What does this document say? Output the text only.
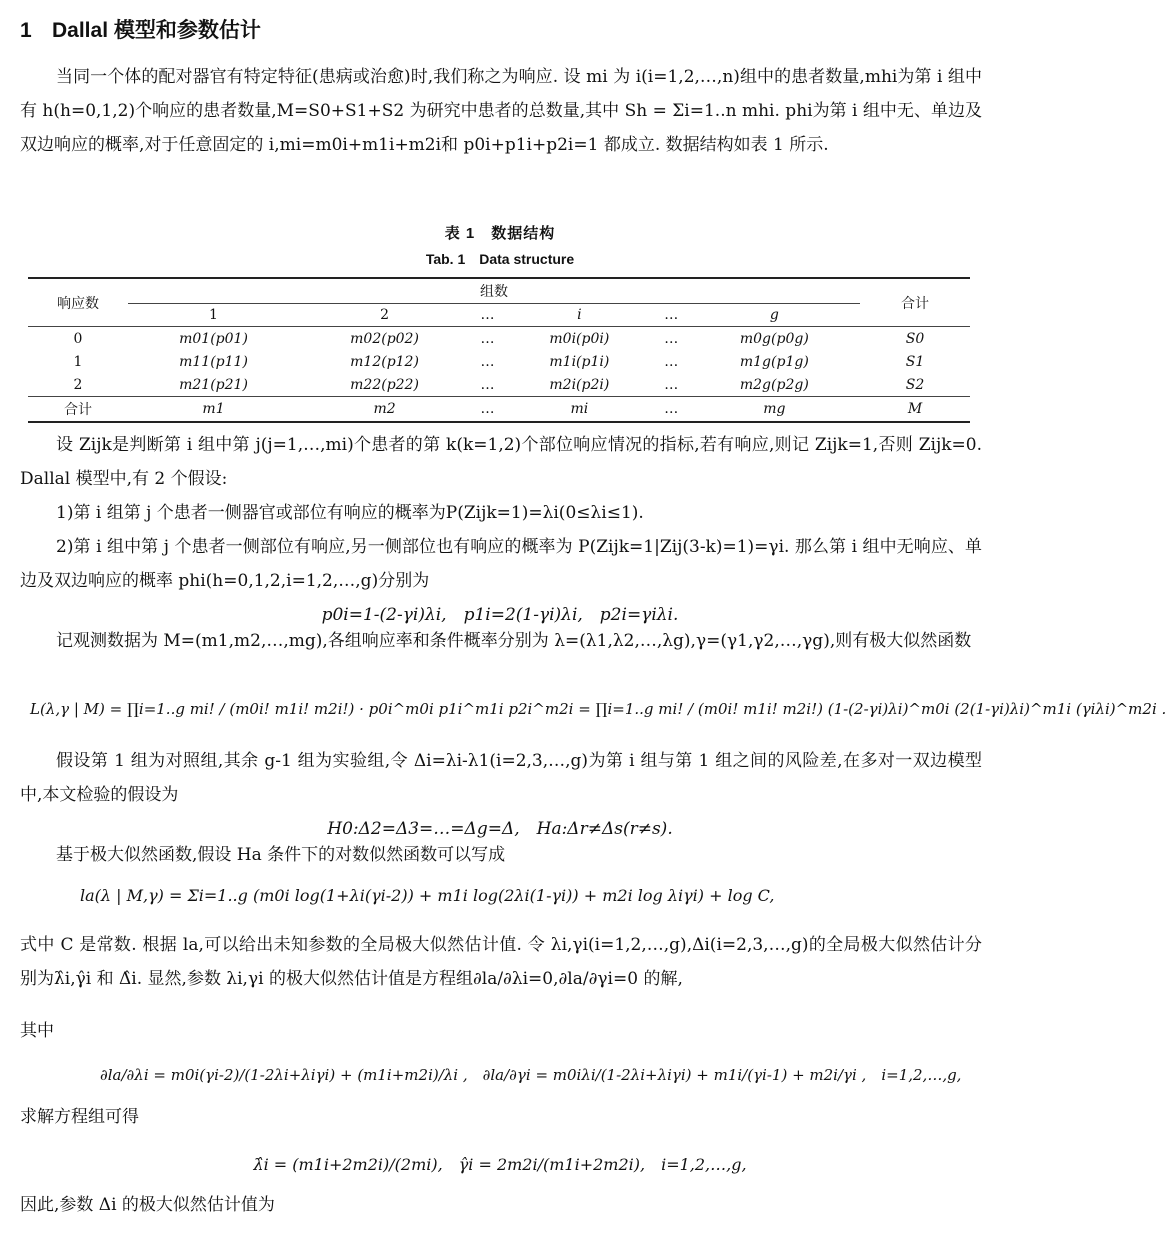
1 Dallal 模型和参数估计

当同一个体的配对器官有特定特征(患病或治愈)时,我们称之为响应. 设 mi 为 i(i=1,2,…,n)组中的患者数量,mhi为第 i 组中有 h(h=0,1,2)个响应的患者数量,M=S0+S1+S2 为研究中患者的总数量,其中 Sh = Σi=1..n mhi. phi为第 i 组中无、单边及双边响应的概率,对于任意固定的 i,mi=m0i+m1i+m2i和 p0i+p1i+p2i=1 都成立. 数据结构如表 1 所示.

表 1　数据结构
Tab. 1　Data structure
响应数	组数						合计
	1	2	…	i	…	g	
0	m01(p01)	m02(p02)	…	m0i(p0i)	…	m0g(p0g)	S0
1	m11(p11)	m12(p12)	…	m1i(p1i)	…	m1g(p1g)	S1
2	m21(p21)	m22(p22)	…	m2i(p2i)	…	m2g(p2g)	S2
合计	m1	m2	…	mi	…	mg	M

设 Zijk是判断第 i 组中第 j(j=1,…,mi)个患者的第 k(k=1,2)个部位响应情况的指标,若有响应,则记 Zijk=1,否则 Zijk=0. Dallal 模型中,有 2 个假设:

1)第 i 组第 j 个患者一侧器官或部位有响应的概率为P(Zijk=1)=λi(0≤λi≤1).

2)第 i 组中第 j 个患者一侧部位有响应,另一侧部位也有响应的概率为 P(Zijk=1|Zij(3-k)=1)=γi. 那么第 i 组中无响应、单边及双边响应的概率 phi(h=0,1,2,i=1,2,…,g)分别为

p0i=1-(2-γi)λi,　p1i=2(1-γi)λi,　p2i=γiλi.

记观测数据为 M=(m1,m2,…,mg),各组响应率和条件概率分别为 λ=(λ1,λ2,…,λg),γ=(γ1,γ2,…,γg),则有极大似然函数

L(λ,γ | M) = ∏i=1..g mi! / (m0i! m1i! m2i!) · p0i^m0i p1i^m1i p2i^m2i = ∏i=1..g mi! / (m0i! m1i! m2i!) (1-(2-γi)λi)^m0i (2(1-γi)λi)^m1i (γiλi)^m2i .

假设第 1 组为对照组,其余 g-1 组为实验组,令 Δi=λi-λ1(i=2,3,…,g)为第 i 组与第 1 组之间的风险差,在多对一双边模型中,本文检验的假设为

H0:Δ2=Δ3=…=Δg=Δ,　Ha:Δr≠Δs(r≠s).
基于极大似然函数,假设 Ha 条件下的对数似然函数可以写成
la(λ | M,γ) = Σi=1..g (m0i log(1+λi(γi-2)) + m1i log(2λi(1-γi)) + m2i log λiγi) + log C,

式中 C 是常数. 根据 la,可以给出未知参数的全局极大似然估计值. 令 λi,γi(i=1,2,…,g),Δi(i=2,3,…,g)的全局极大似然估计分别为λ̂i,γ̂i 和 Δ̂i. 显然,参数 λi,γi 的极大似然估计值是方程组∂la/∂λi=0,∂la/∂γi=0 的解,

其中
∂la/∂λi = m0i(γi-2)/(1-2λi+λiγi) + (m1i+m2i)/λi ,　∂la/∂γi = m0iλi/(1-2λi+λiγi) + m1i/(γi-1) + m2i/γi ,　i=1,2,…,g,
求解方程组可得
λ̂i = (m1i+2m2i)/(2mi),　γ̂i = 2m2i/(m1i+2m2i),　i=1,2,…,g,
因此,参数 Δi 的极大似然估计值为
